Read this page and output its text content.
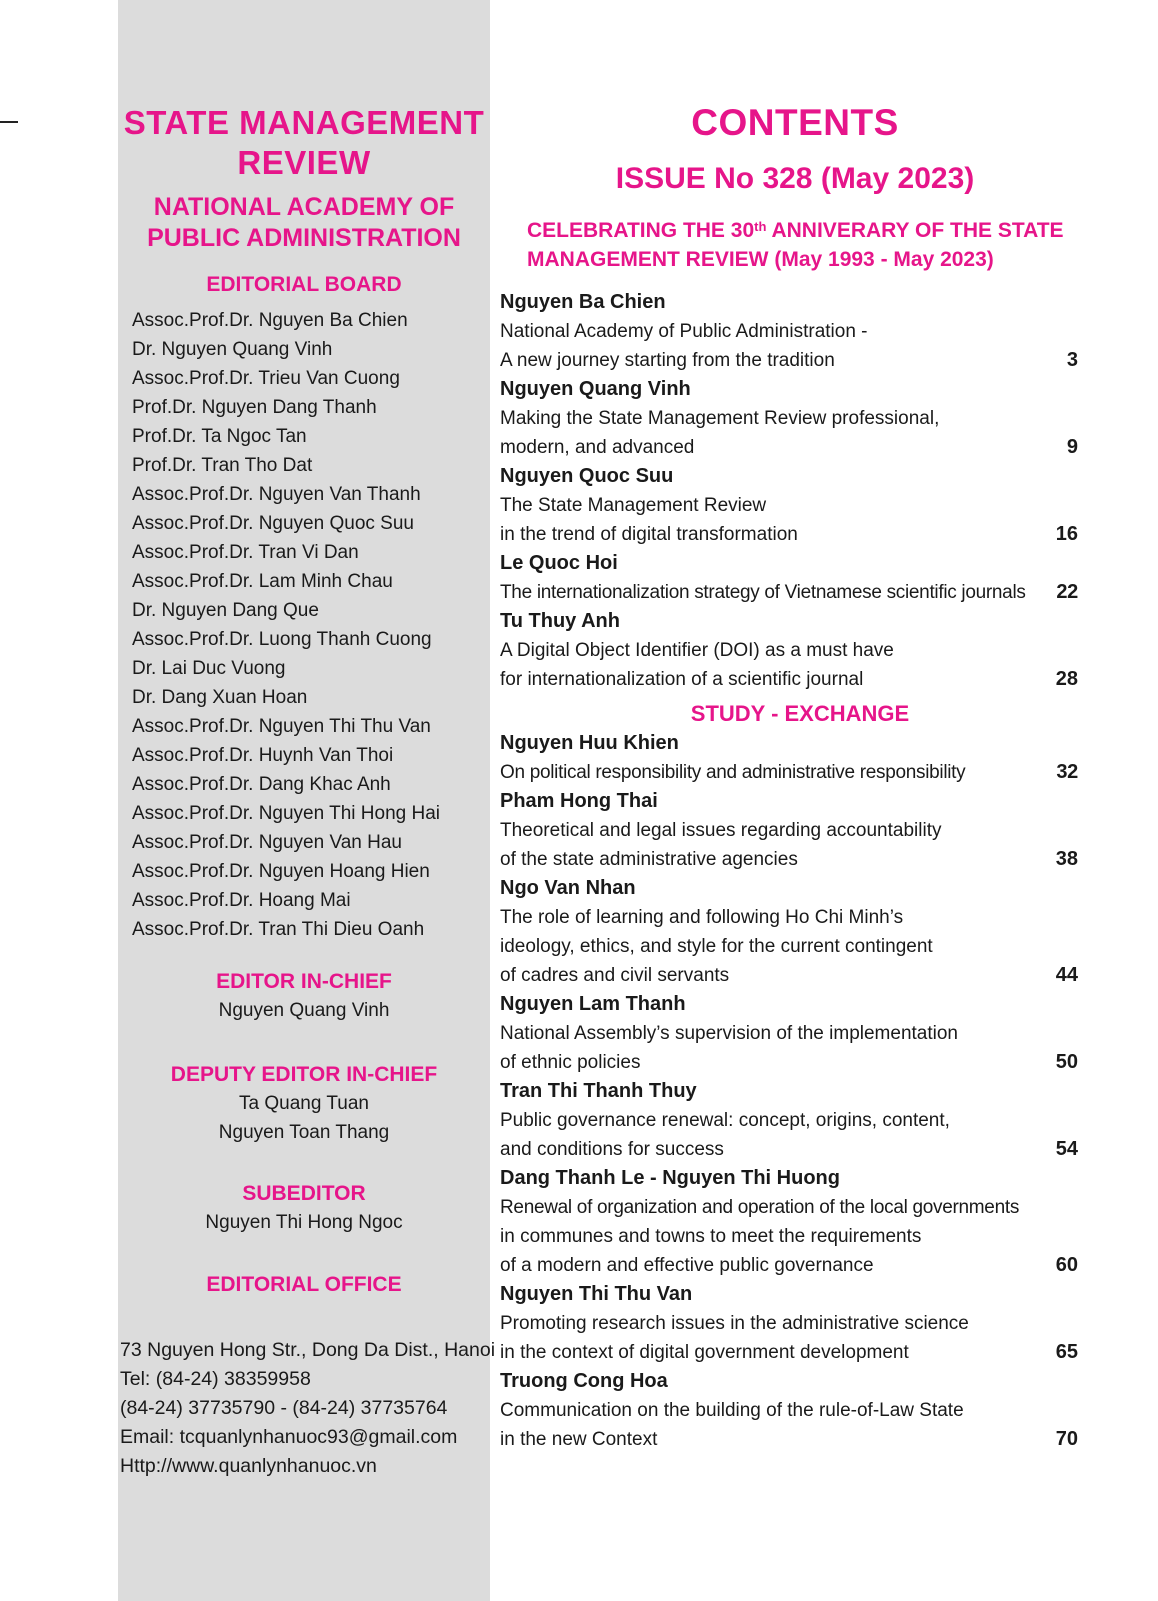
STATE MANAGEMENT REVIEW
NATIONAL ACADEMY OF PUBLIC ADMINISTRATION
EDITORIAL BOARD
Assoc.Prof.Dr. Nguyen Ba Chien
Dr. Nguyen Quang Vinh
Assoc.Prof.Dr. Trieu Van Cuong
Prof.Dr. Nguyen Dang Thanh
Prof.Dr. Ta Ngoc Tan
Prof.Dr. Tran Tho Dat
Assoc.Prof.Dr. Nguyen Van Thanh
Assoc.Prof.Dr. Nguyen Quoc Suu
Assoc.Prof.Dr. Tran Vi Dan
Assoc.Prof.Dr. Lam Minh Chau
Dr. Nguyen Dang Que
Assoc.Prof.Dr. Luong Thanh Cuong
Dr. Lai Duc Vuong
Dr. Dang Xuan Hoan
Assoc.Prof.Dr. Nguyen Thi Thu Van
Assoc.Prof.Dr. Huynh Van Thoi
Assoc.Prof.Dr. Dang Khac Anh
Assoc.Prof.Dr. Nguyen Thi Hong Hai
Assoc.Prof.Dr. Nguyen Van Hau
Assoc.Prof.Dr. Nguyen Hoang Hien
Assoc.Prof.Dr. Hoang Mai
Assoc.Prof.Dr. Tran Thi Dieu Oanh
EDITOR IN-CHIEF
Nguyen Quang Vinh
DEPUTY EDITOR IN-CHIEF
Ta Quang Tuan
Nguyen Toan Thang
SUBEDITOR
Nguyen Thi Hong Ngoc
EDITORIAL OFFICE
73 Nguyen Hong Str., Dong Da Dist., Hanoi
Tel: (84-24) 38359958
(84-24) 37735790 - (84-24) 37735764
Email: tcquanlynhanuoc93@gmail.com
Http://www.quanlynhanuoc.vn
CONTENTS
ISSUE No 328 (May 2023)
CELEBRATING THE 30th ANNIVERARY OF THE STATE MANAGEMENT REVIEW (May 1993 - May 2023)
Nguyen Ba Chien
National Academy of Public Administration -
A new journey starting from the tradition	3
Nguyen Quang Vinh
Making the State Management Review professional,
modern, and advanced	9
Nguyen Quoc Suu
The State Management Review
in the trend of digital transformation	16
Le Quoc Hoi
The internationalization strategy of Vietnamese scientific journals 22
Tu Thuy Anh
A Digital Object Identifier (DOI) as a must have
for internationalization of a scientific journal	28
STUDY - EXCHANGE
Nguyen Huu Khien
On political responsibility and administrative responsibility	32
Pham Hong Thai
Theoretical and legal issues regarding accountability
of the state administrative agencies	38
Ngo Van Nhan
The role of learning and following Ho Chi Minh’s
ideology, ethics, and style for the current contingent
of cadres and civil servants	44
Nguyen Lam Thanh
National Assembly’s supervision of the implementation
of ethnic policies	50
Tran Thi Thanh Thuy
Public governance renewal: concept, origins, content,
and conditions for success	54
Dang Thanh Le - Nguyen Thi Huong
Renewal of organization and operation of the local governments
in communes and towns to meet the requirements
of a modern and effective public governance	60
Nguyen Thi Thu Van
Promoting research issues in the administrative science
in the context of digital government development	65
Truong Cong Hoa
Communication on the building of the rule-of-Law State
in the new Context	70
